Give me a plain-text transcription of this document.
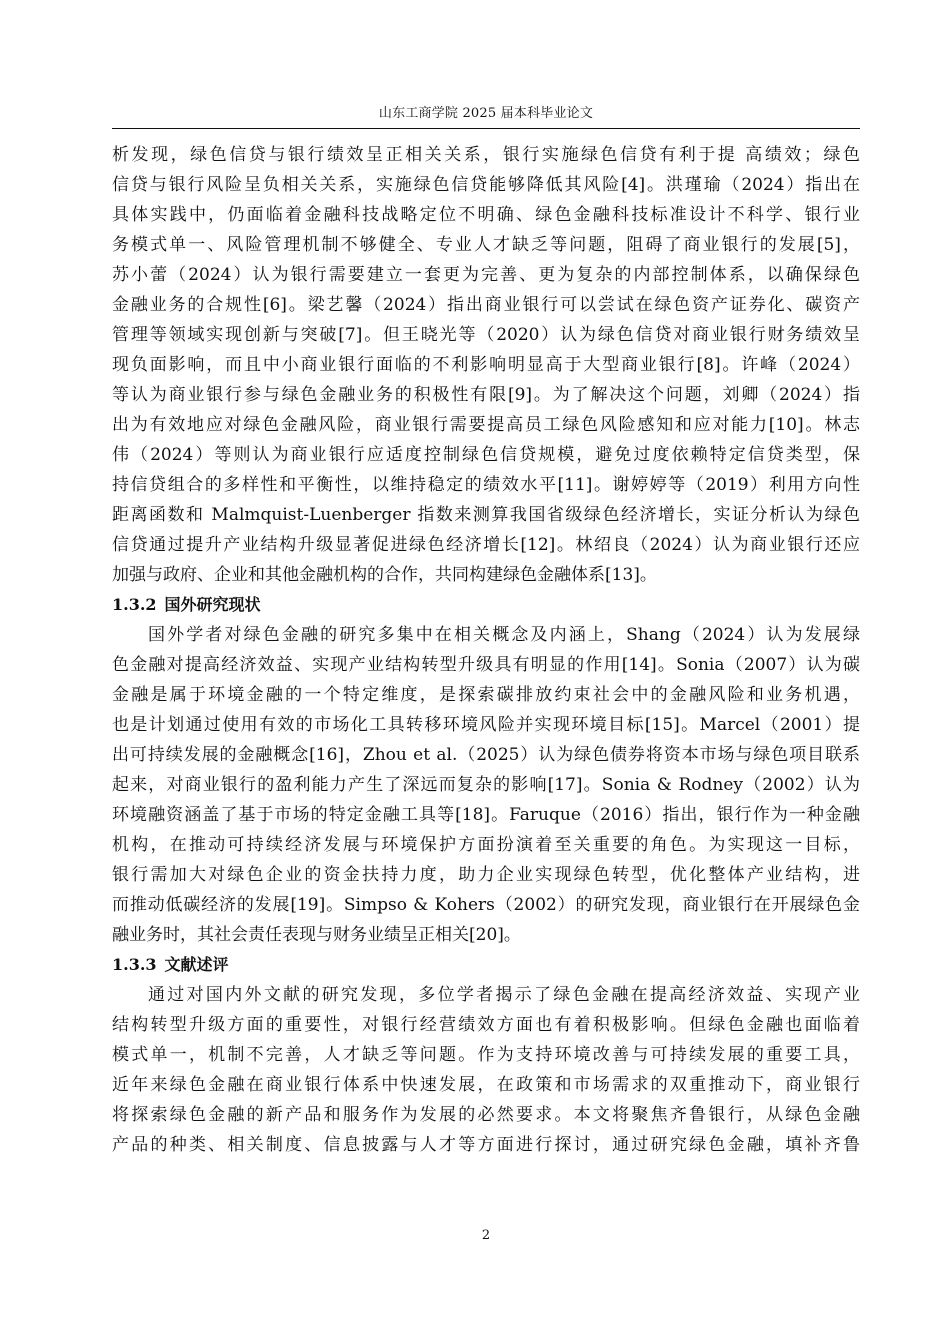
山东工商学院 2025 届本科毕业论文
析发现，绿色信贷与银行绩效呈正相关关系，银行实施绿色信贷有利于提 高绩效；绿色
信贷与银行风险呈负相关关系，实施绿色信贷能够降低其风险[4]。洪瑾瑜（2024）指出在
具体实践中，仍面临着金融科技战略定位不明确、绿色金融科技标准设计不科学、银行业
务模式单一、风险管理机制不够健全、专业人才缺乏等问题，阻碍了商业银行的发展[5]，
苏小蕾（2024）认为银行需要建立一套更为完善、更为复杂的内部控制体系，以确保绿色
金融业务的合规性[6]。梁艺馨（2024）指出商业银行可以尝试在绿色资产证券化、碳资产
管理等领域实现创新与突破[7]。但王晓光等（2020）认为绿色信贷对商业银行财务绩效呈
现负面影响，而且中小商业银行面临的不利影响明显高于大型商业银行[8]。许峰（2024）
等认为商业银行参与绿色金融业务的积极性有限[9]。为了解决这个问题，刘卿（2024）指
出为有效地应对绿色金融风险，商业银行需要提高员工绿色风险感知和应对能力[10]。林志
伟（2024）等则认为商业银行应适度控制绿色信贷规模，避免过度依赖特定信贷类型，保
持信贷组合的多样性和平衡性，以维持稳定的绩效水平[11]。谢婷婷等（2019）利用方向性
距离函数和 Malmquist-Luenberger 指数来测算我国省级绿色经济增长，实证分析认为绿色
信贷通过提升产业结构升级显著促进绿色经济增长[12]。林绍良（2024）认为商业银行还应
加强与政府、企业和其他金融机构的合作，共同构建绿色金融体系[13]。
1.3.2 国外研究现状
国外学者对绿色金融的研究多集中在相关概念及内涵上，Shang（2024）认为发展绿
色金融对提高经济效益、实现产业结构转型升级具有明显的作用[14]。Sonia（2007）认为碳
金融是属于环境金融的一个特定维度，是探索碳排放约束社会中的金融风险和业务机遇，
也是计划通过使用有效的市场化工具转移环境风险并实现环境目标[15]。Marcel（2001）提
出可持续发展的金融概念[16]，Zhou et al.（2025）认为绿色债券将资本市场与绿色项目联系
起来，对商业银行的盈利能力产生了深远而复杂的影响[17]。Sonia & Rodney（2002）认为
环境融资涵盖了基于市场的特定金融工具等[18]。Faruque（2016）指出，银行作为一种金融
机构，在推动可持续经济发展与环境保护方面扮演着至关重要的角色。为实现这一目标，
银行需加大对绿色企业的资金扶持力度，助力企业实现绿色转型，优化整体产业结构，进
而推动低碳经济的发展[19]。Simpso & Kohers（2002）的研究发现，商业银行在开展绿色金
融业务时，其社会责任表现与财务业绩呈正相关[20]。
1.3.3 文献述评
通过对国内外文献的研究发现，多位学者揭示了绿色金融在提高经济效益、实现产业
结构转型升级方面的重要性，对银行经营绩效方面也有着积极影响。但绿色金融也面临着
模式单一，机制不完善，人才缺乏等问题。作为支持环境改善与可持续发展的重要工具，
近年来绿色金融在商业银行体系中快速发展，在政策和市场需求的双重推动下，商业银行
将探索绿色金融的新产品和服务作为发展的必然要求。本文将聚焦齐鲁银行，从绿色金融
产品的种类、相关制度、信息披露与人才等方面进行探讨，通过研究绿色金融，填补齐鲁
2
